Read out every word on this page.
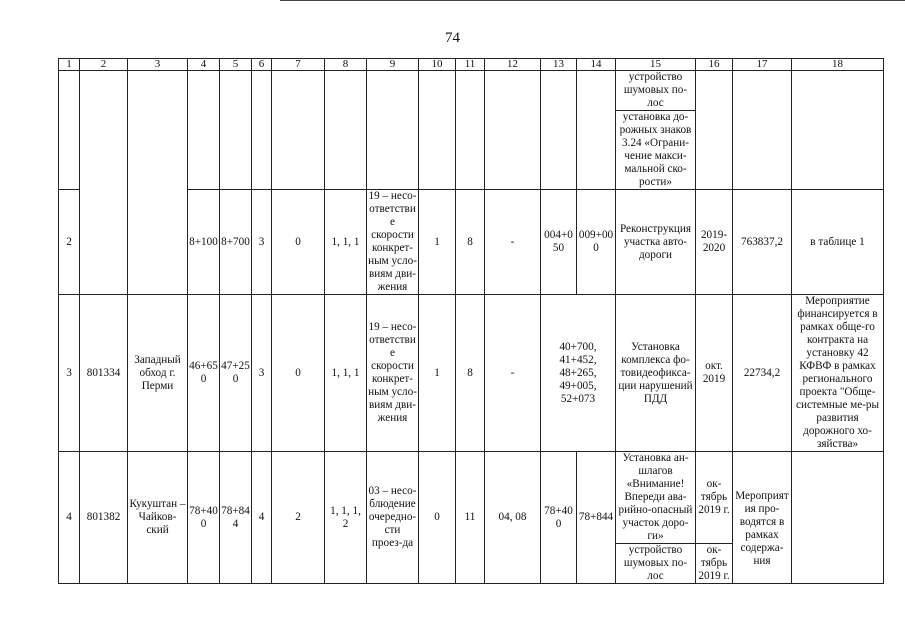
74
1	2	3	4	5	6	7	8	9	10	11	12	13	14	15	16	17	18
														устройство шумовых по-лос			
														установка до-рожных знаков 3.24 «Ограни-чение макси-мальной ско-рости»			
2			8+100	8+700	3	0	1, 1, 1	19 – несо-ответствие скорости конкрет-ным усло-виям дви-жения	1	8	-	004+0 50	009+00 0	Реконструкция участка авто-дороги	2019-2020	763837,2	в таблице 1
3	801334	Западный обход г. Перми	46+65 0	47+25 0	3	0	1, 1, 1	19 – несо-ответствие скорости конкрет-ным усло-виям дви-жения	1	8	-	40+700, 41+452, 48+265, 49+005, 52+073		Установка комплекса фо-товидеофикса-ции нарушений ПДД	окт. 2019	22734,2	Мероприятие финансируется в рамках обще-го контракта на установку 42 КФВФ в рамках регионального проекта "Обще-системные ме-ры развития дорожного хо-зяйства»
4	801382	Кукуштан – Чайков-ский	78+40 0	78+84 4	4	2	1, 1, 1, 2	03 – несо-блюдение очередно-сти проез-да	0	11	04, 08	78+40 0	78+844	Установка ан-шлагов «Внимание! Впереди ава-рийно-опасный участок доро-ги»	ок-тябрь 2019 г.	Мероприятия про-водятся в рамках содержа-ния	
														устройство шумовых по-лос	ок-тябрь 2019 г.		
